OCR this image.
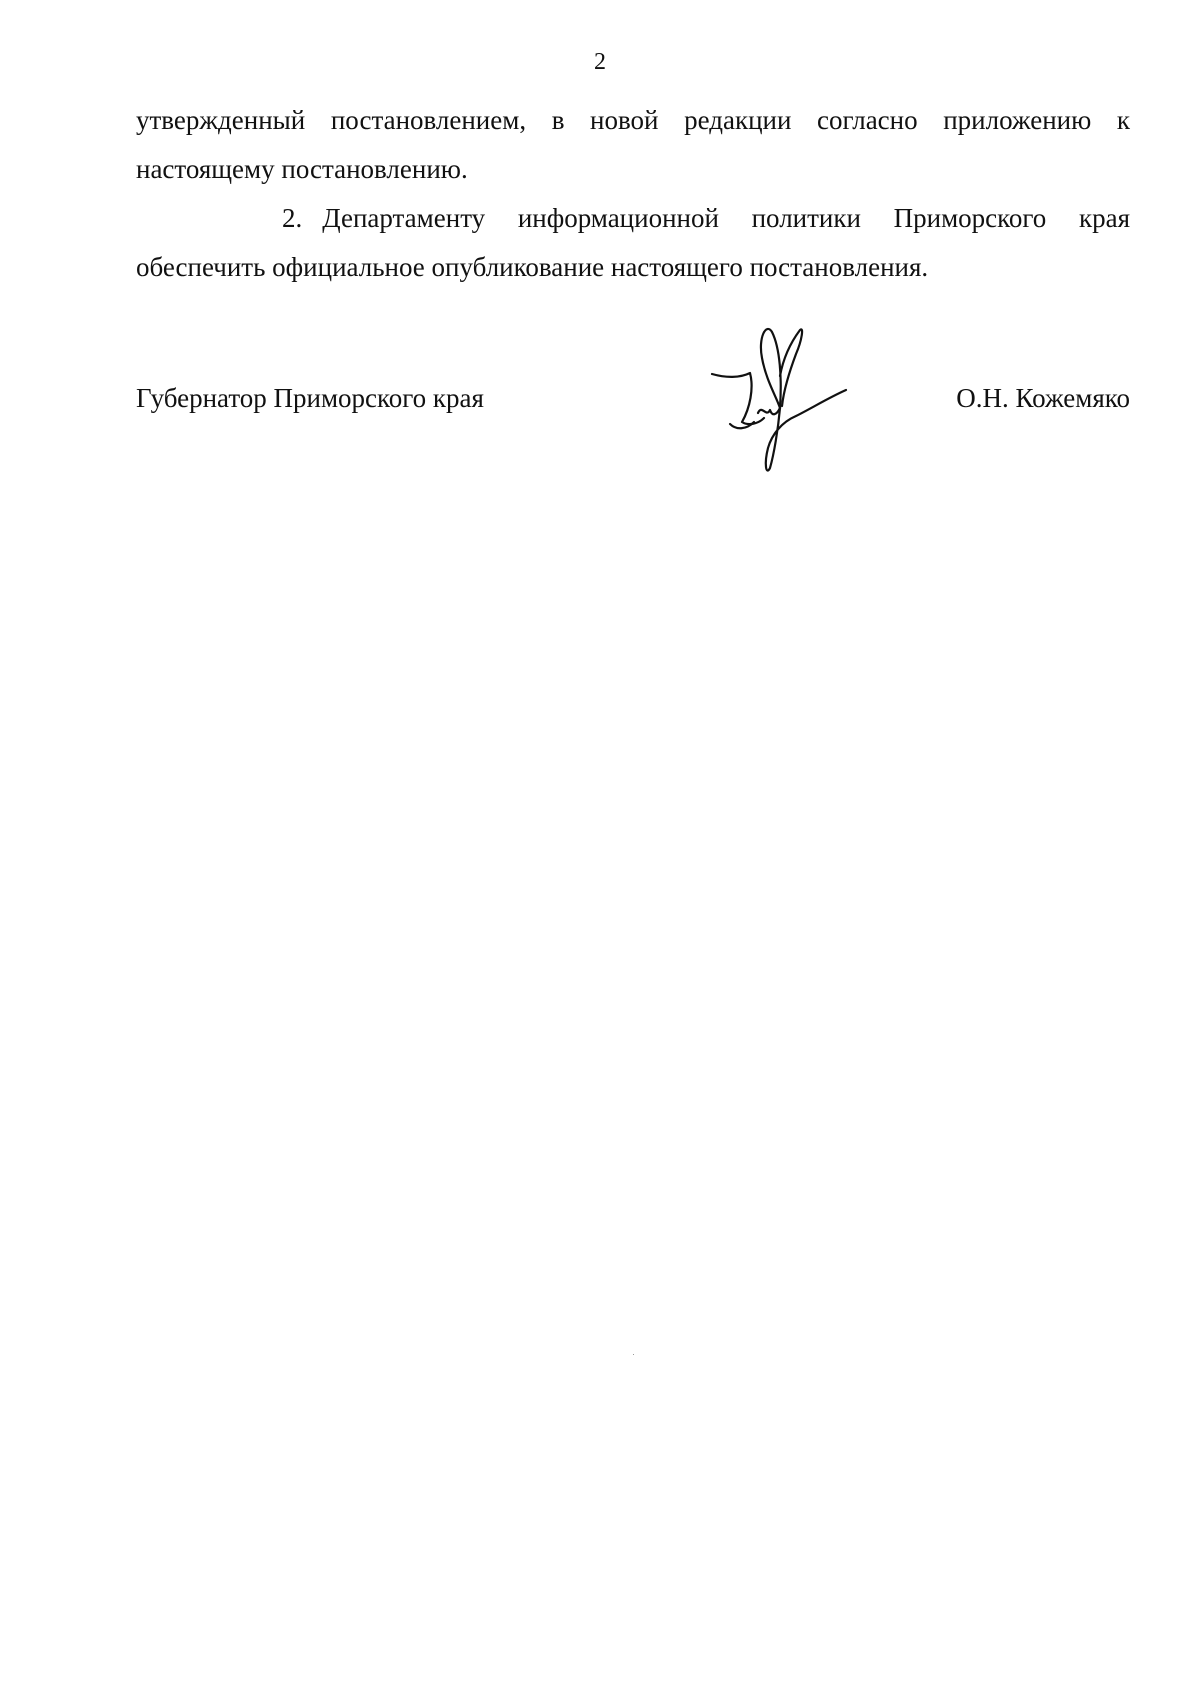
2

утвержденный постановлением, в новой редакции согласно приложению к настоящему постановлению.

2. Департаменту информационной политики Приморского края обеспечить официальное опубликование настоящего постановления.

Губернатор Приморского края	О.Н. Кожемяко
